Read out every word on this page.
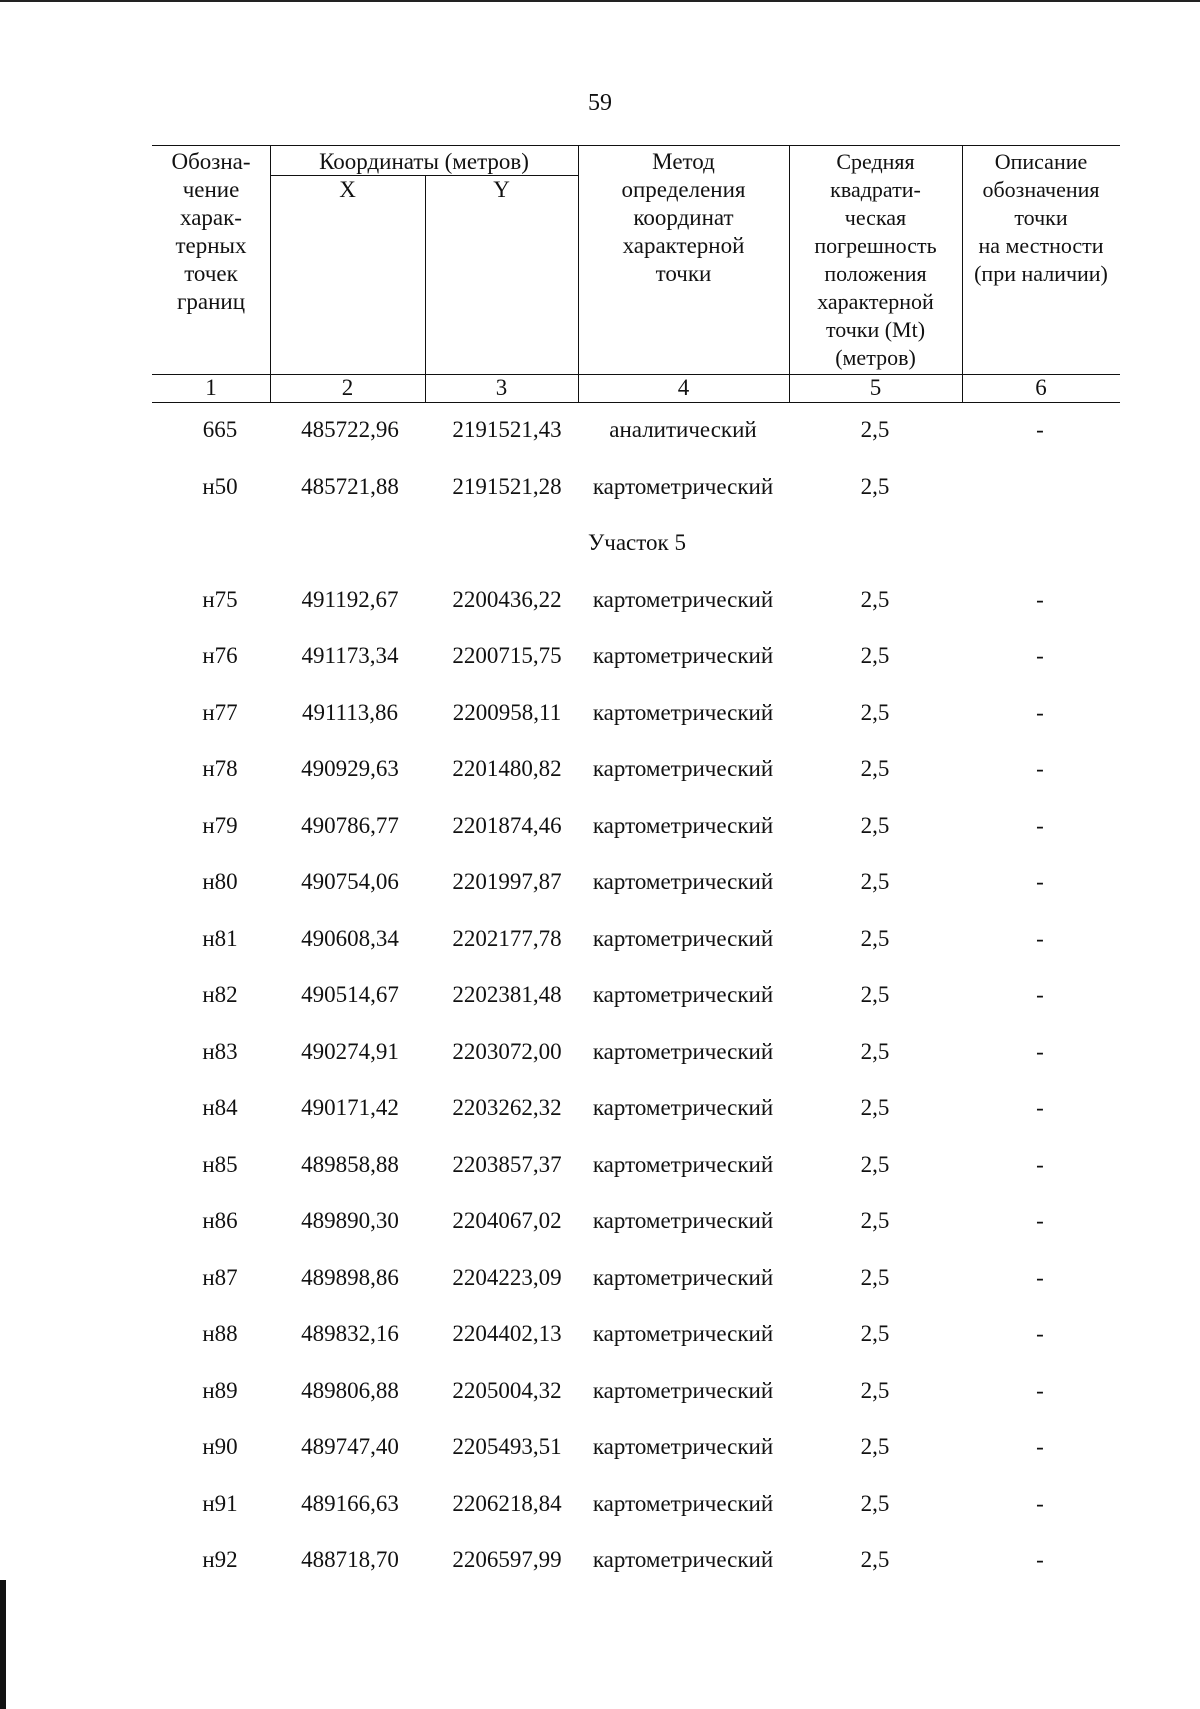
59
Обозна-
чение
харак-
терных
точек
границ
Координаты (метров)
X	Y
Метод
определения
координат
характерной
точки
Средняя
квадрати-
ческая
погрешность
положения
характерной
точки (Mt)
(метров)
Описание
обозначения
точки
на местности
(при наличии)
1	2	3	4	5	6
665	485722,96	2191521,43	аналитический	2,5	-
н50	485721,88	2191521,28	картометрический	2,5
Участок 5
н75	491192,67	2200436,22	картометрический	2,5	-
н76	491173,34	2200715,75	картометрический	2,5	-
н77	491113,86	2200958,11	картометрический	2,5	-
н78	490929,63	2201480,82	картометрический	2,5	-
н79	490786,77	2201874,46	картометрический	2,5	-
н80	490754,06	2201997,87	картометрический	2,5	-
н81	490608,34	2202177,78	картометрический	2,5	-
н82	490514,67	2202381,48	картометрический	2,5	-
н83	490274,91	2203072,00	картометрический	2,5	-
н84	490171,42	2203262,32	картометрический	2,5	-
н85	489858,88	2203857,37	картометрический	2,5	-
н86	489890,30	2204067,02	картометрический	2,5	-
н87	489898,86	2204223,09	картометрический	2,5	-
н88	489832,16	2204402,13	картометрический	2,5	-
н89	489806,88	2205004,32	картометрический	2,5	-
н90	489747,40	2205493,51	картометрический	2,5	-
н91	489166,63	2206218,84	картометрический	2,5	-
н92	488718,70	2206597,99	картометрический	2,5	-
